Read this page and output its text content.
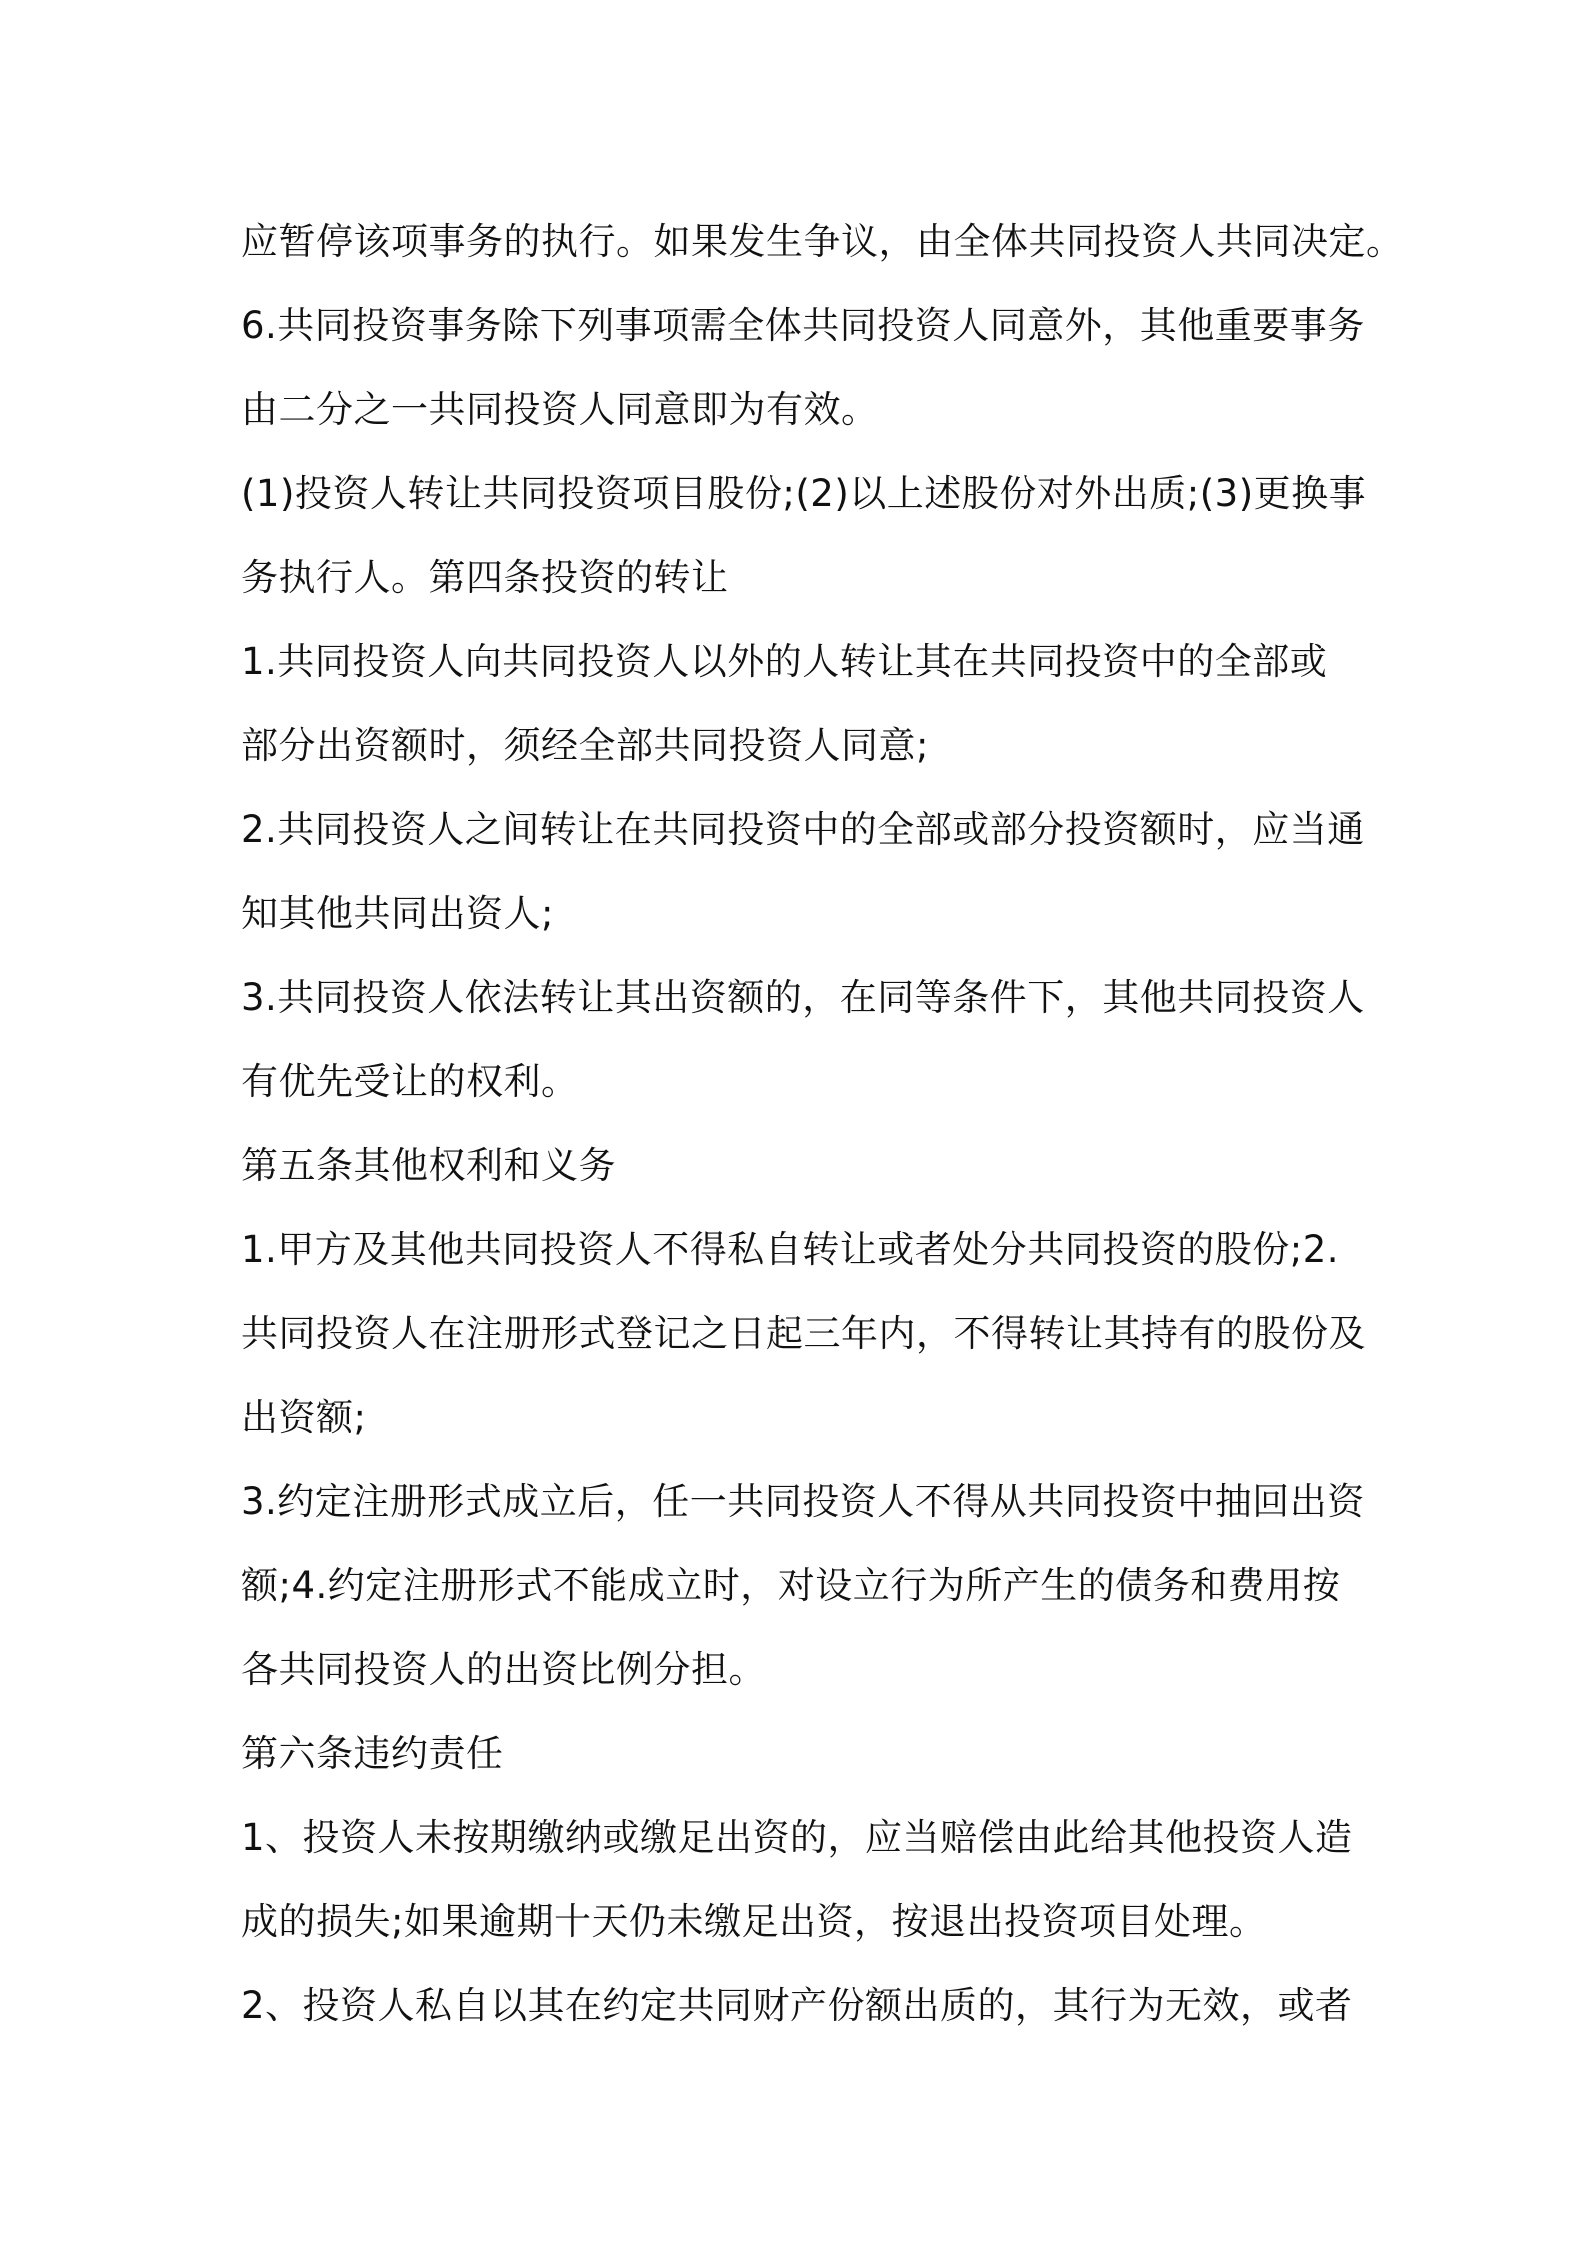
应暂停该项事务的执行。如果发生争议，由全体共同投资人共同决定。
6.共同投资事务除下列事项需全体共同投资人同意外，其他重要事务
由二分之一共同投资人同意即为有效。
(1)投资人转让共同投资项目股份;(2)以上述股份对外出质;(3)更换事
务执行人。第四条投资的转让
1.共同投资人向共同投资人以外的人转让其在共同投资中的全部或
部分出资额时，须经全部共同投资人同意;
2.共同投资人之间转让在共同投资中的全部或部分投资额时，应当通
知其他共同出资人;
3.共同投资人依法转让其出资额的，在同等条件下，其他共同投资人
有优先受让的权利。
第五条其他权利和义务
1.甲方及其他共同投资人不得私自转让或者处分共同投资的股份;2.
共同投资人在注册形式登记之日起三年内，不得转让其持有的股份及
出资额;
3.约定注册形式成立后，任一共同投资人不得从共同投资中抽回出资
额;4.约定注册形式不能成立时，对设立行为所产生的债务和费用按
各共同投资人的出资比例分担。
第六条违约责任
1、投资人未按期缴纳或缴足出资的，应当赔偿由此给其他投资人造
成的损失;如果逾期十天仍未缴足出资，按退出投资项目处理。
2、投资人私自以其在约定共同财产份额出质的，其行为无效，或者
